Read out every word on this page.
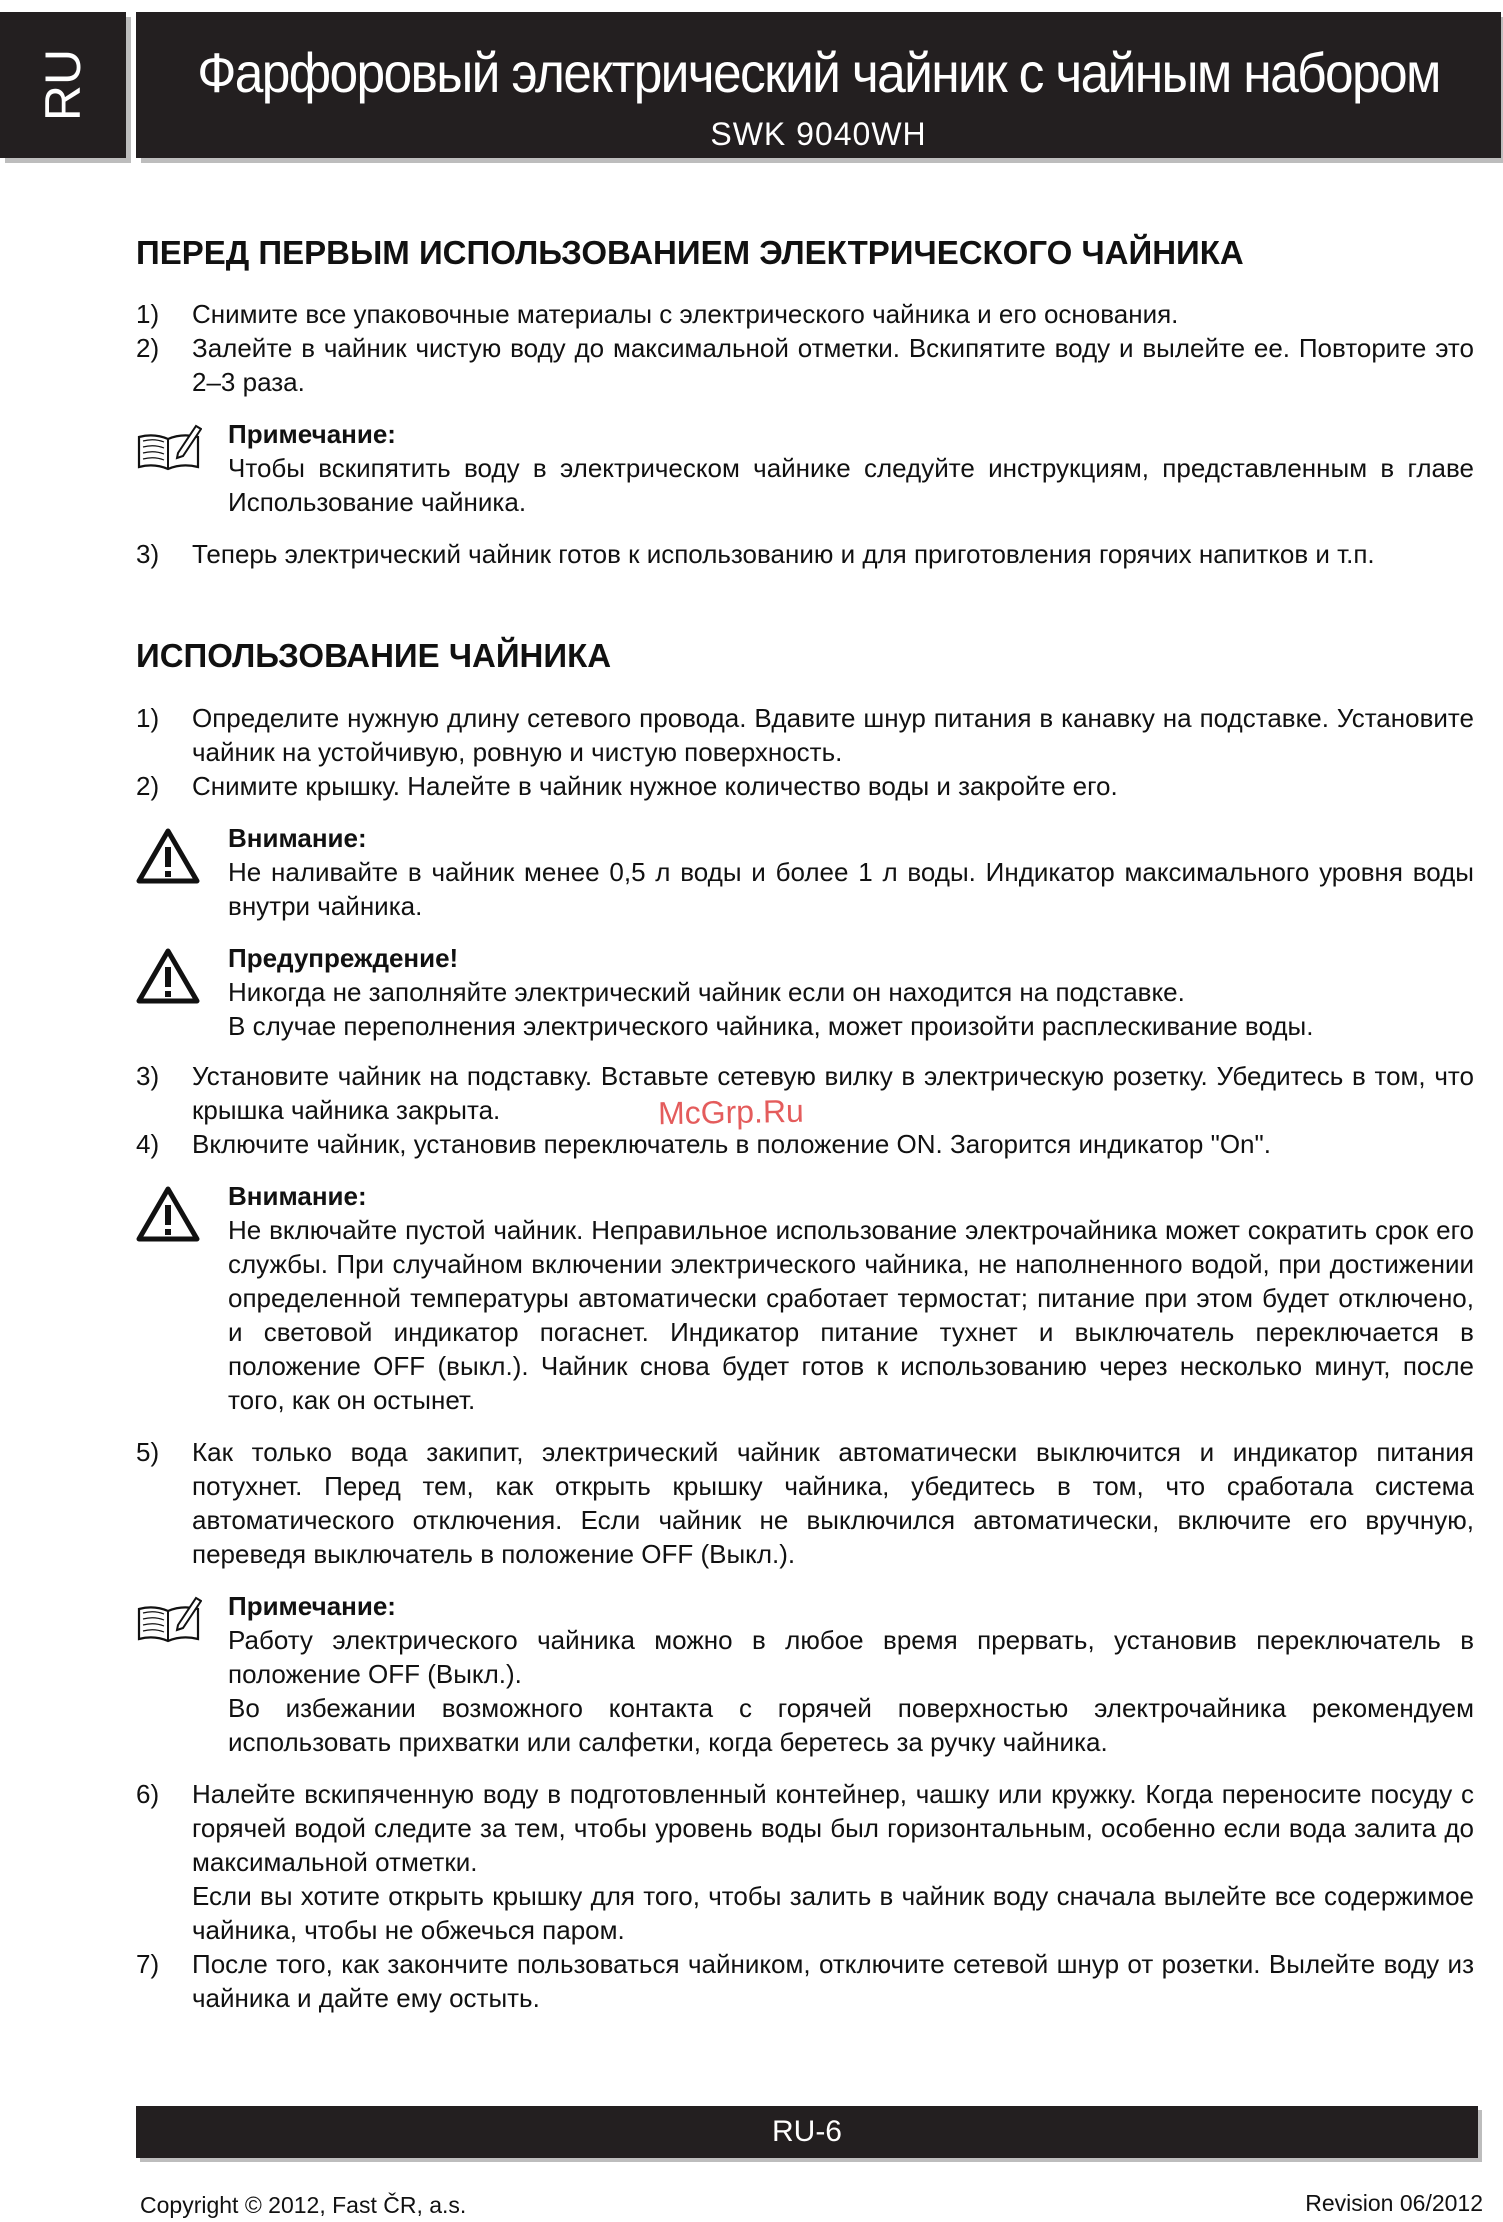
RU Фарфоровый электрический чайник с чайным набором
SWK 9040WH
ПЕРЕД ПЕРВЫМ ИСПОЛЬЗОВАНИЕМ ЭЛЕКТРИЧЕСКОГО ЧАЙНИКА
1)	Снимите все упаковочные материалы с электрического чайника и его основания.
2)	Залейте в чайник чистую воду до максимальной отметки. Вскипятите воду и вылейте ее. Повторите это 2–3 раза.
Примечание:
Чтобы вскипятить воду в электрическом чайнике следуйте инструкциям, представленным в главе Использование чайника.
3)	Теперь электрический чайник готов к использованию и для приготовления горячих напитков и т.п.
ИСПОЛЬЗОВАНИЕ ЧАЙНИКА
1)	Определите нужную длину сетевого провода. Вдавите шнур питания в канавку на подставке. Установите чайник на устойчивую, ровную и чистую поверхность.
2)	Снимите крышку. Налейте в чайник нужное количество воды и закройте его.
Внимание:
Не наливайте в чайник менее 0,5 л воды и более 1 л воды. Индикатор максимального уровня воды внутри чайника.
Предупреждение!
Никогда не заполняйте электрический чайник если он находится на подставке.
В случае переполнения электрического чайника, может произойти расплескивание воды.
3)	Установите чайник на подставку. Вставьте сетевую вилку в электрическую розетку. Убедитесь в том, что крышка чайника закрыта.
4)	Включите чайник, установив переключатель в положение ON. Загорится индикатор "On".
Внимание:
Не включайте пустой чайник. Неправильное использование электрочайника может сократить срок его службы. При случайном включении электрического чайника, не наполненного водой, при достижении определенной температуры автоматически сработает термостат; питание при этом будет отключено, и световой индикатор погаснет. Индикатор питание тухнет и выключатель переключается в положение OFF (выкл.). Чайник снова будет готов к использованию через несколько минут, после того, как он остынет.
5)	Как только вода закипит, электрический чайник автоматически выключится и индикатор питания потухнет. Перед тем, как открыть крышку чайника, убедитесь в том, что сработала система автоматического отключения. Если чайник не выключился автоматически, включите его вручную, переведя выключатель в положение OFF (Выкл.).
Примечание:
Работу электрического чайника можно в любое время прервать, установив переключатель в положение OFF (Выкл.).
Во избежании возможного контакта с горячей поверхностью электрочайника рекомендуем использовать прихватки или салфетки, когда беретесь за ручку чайника.
6)	Налейте вскипяченную воду в подготовленный контейнер, чашку или кружку. Когда переносите посуду с горячей водой следите за тем, чтобы уровень воды был горизонтальным, особенно если вода залита до максимальной отметки.
Если вы хотите открыть крышку для того, чтобы залить в чайник воду сначала вылейте все содержимое чайника, чтобы не обжечься паром.
7)	После того, как закончите пользоваться чайником, отключите сетевой шнур от розетки. Вылейте воду из чайника и дайте ему остыть.
McGrp.Ru
RU-6
Copyright © 2012, Fast ČR, a.s.	Revision 06/2012
